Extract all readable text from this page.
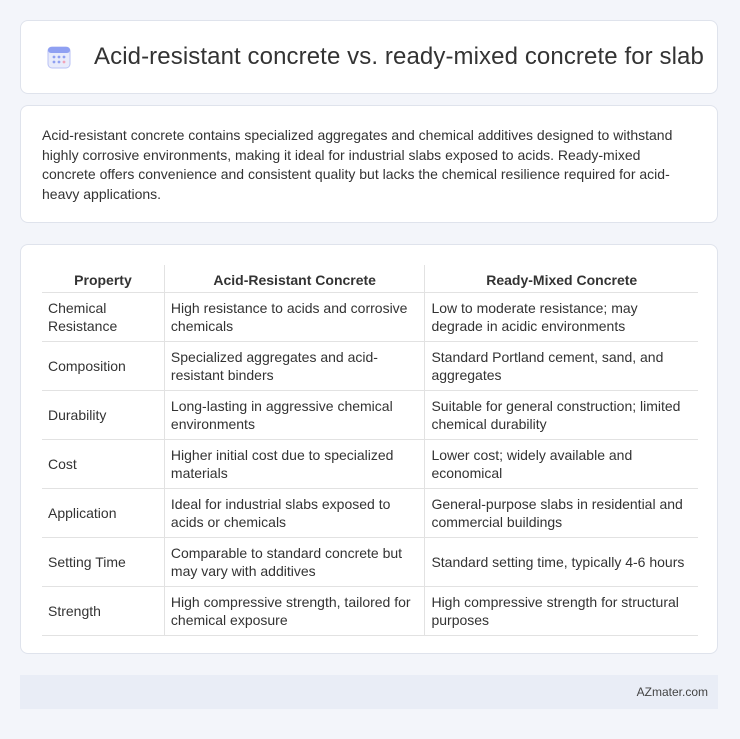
Acid-resistant concrete vs. ready-mixed concrete for slab

Acid-resistant concrete contains specialized aggregates and chemical additives designed to withstand highly corrosive environments, making it ideal for industrial slabs exposed to acids. Ready-mixed concrete offers convenience and consistent quality but lacks the chemical resilience required for acid-heavy applications.

Property	Acid-Resistant Concrete	Ready-Mixed Concrete
Chemical Resistance	High resistance to acids and corrosive chemicals	Low to moderate resistance; may degrade in acidic environments
Composition	Specialized aggregates and acid-resistant binders	Standard Portland cement, sand, and aggregates
Durability	Long-lasting in aggressive chemical environments	Suitable for general construction; limited chemical durability
Cost	Higher initial cost due to specialized materials	Lower cost; widely available and economical
Application	Ideal for industrial slabs exposed to acids or chemicals	General-purpose slabs in residential and commercial buildings
Setting Time	Comparable to standard concrete but may vary with additives	Standard setting time, typically 4-6 hours
Strength	High compressive strength, tailored for chemical exposure	High compressive strength for structural purposes
AZmater.com
